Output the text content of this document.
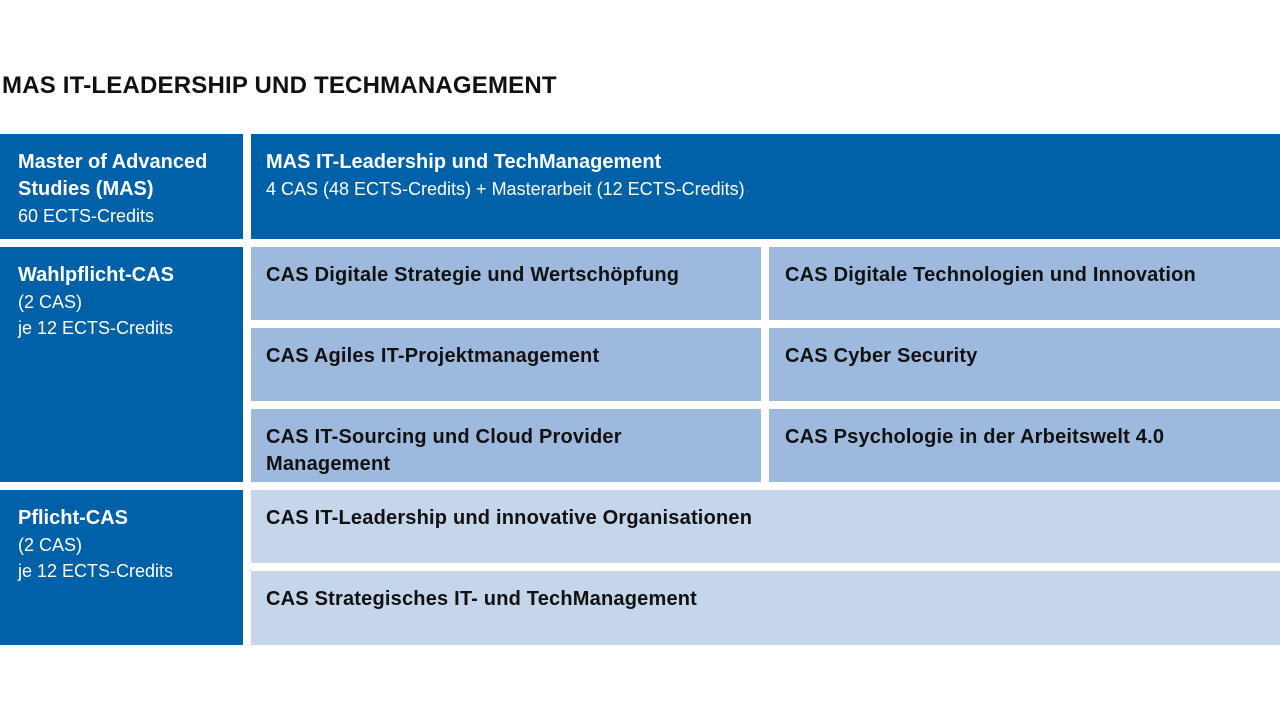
MAS IT-LEADERSHIP UND TECHMANAGEMENT
Master of Advanced Studies (MAS)
60 ECTS-Credits
MAS IT-Leadership und TechManagement
4 CAS (48 ECTS-Credits) + Masterarbeit (12 ECTS-Credits)
Wahlpflicht-CAS
(2 CAS)
je 12 ECTS-Credits
CAS Digitale Strategie und Wertschöpfung	CAS Digitale Technologien und Innovation
CAS Agiles IT-Projektmanagement	CAS Cyber Security
CAS IT-Sourcing und Cloud Provider Management
CAS Psychologie in der Arbeitswelt 4.0
Pflicht-CAS
(2 CAS)
je 12 ECTS-Credits
CAS IT-Leadership und innovative Organisationen
CAS Strategisches IT- und TechManagement
